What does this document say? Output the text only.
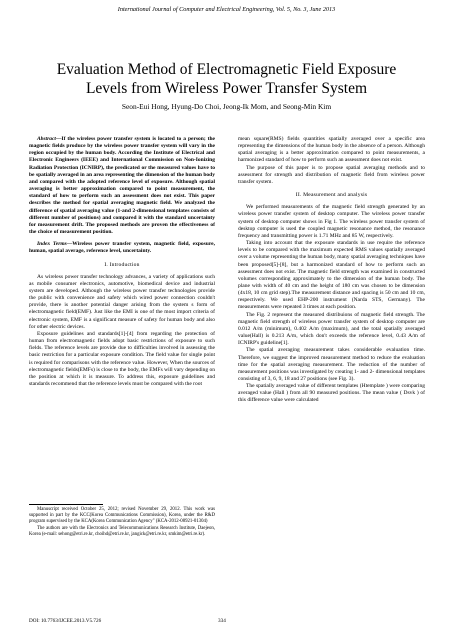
International Journal of Computer and Electrical Engineering, Vol. 5, No. 3, June 2013
Evaluation Method of Electromagnetic Field Exposure
Levels from Wireless Power Transfer System
Seon-Eui Hong, Hyung-Do Choi, Jeong-Ik Mom, and Seong-Min Kim

Abstract—If the wireless power transfer system is located to a person; the magnetic fields produce by the wireless power transfer system will vary in the region occupied by the human body. According the Institute of Electrical and Electronic Engineers (IEEE) and International Commission on Non-Ionizing Radiation Protection (ICNIRP), the predicated or the measured values have to be spatially averaged in an area representing the dimension of the human body and compared with the adopted reference level of exposure. Although spatial averaging is better approximation compared to point measurement, the standard of how to perform such an assessment does not exist. This paper describes the method for spatial averaging magnetic field. We analyzed the difference of spatial averaging value (1-and 2-dimensional templates consists of different number of positions) and compared it with the standard uncertainty for measurement drift. The proposed methods are proven the effectiveness of the choice of measurement position.

Index Terms—Wireless power transfer system, magnetic field, exposure, human, spatial average, reference level, uncertainty.

I. Introduction

As wireless power transfer technology advances, a variety of applications such as mobile consumer electronics, automotive, biomedical device and industrial system are developed. Although the wireless power transfer technologies provide the public with convenience and safety which wired power connection couldn't provide, there is another potential danger arising from the system s form of electromagnetic field(EMF). Just like the EMI is one of the most import criteria of electronic system, EMF is a significant measure of safety for human body and also for other electric devices.

Exposure guidelines and standards[1]-[4] from regarding the protection of human from electromagnetic fields adopt basic restrictions of exposure to such fields. The reference levels are provide due to difficulties involved in assessing the basic restriction for a particular exposure condition. The field value for single point is required for comparisons with the reference value. However, When the sources of electromagnetic fields(EMFs) is close to the body, the EMFs will vary depending on the position at which it is measure. To address this, exposure guidelines and standards recommend that the reference levels must be compared with the root

Manuscript received October 25, 2012; revised November 29, 2012. This work was supported in part by the KCC(Korea Communications Commission), Korea, under the R&D program supervised by the KCA(Korea Communication Agency" (KCA-2012-08921-01304)

The authors are with the Electronics and Telecommunications Research Institute, Daejeon, Korea (e-mail: sehong@etri.re.kr, choihd@etri.re.kr, jangick@etri.re.kr, smkim@etri.re.kr).

mean square(RMS) fields quantities spatially averaged over a specific area representing the dimensions of the human body in the absence of a person. Although spatial averaging is a better approximation compared to point measurements, a harmonized standard of how to perform such an assessment does not exist.

The purpose of this paper is to propose spatial averaging methods and to assessment for strength and distribution of magnetic field from wireless power transfer system.

II. Measurement and analysis

We performed measurements of the magnetic field strength generated by an wireless power transfer system of desktop computer. The wireless power transfer system of desktop computer shows in Fig 1. The wireless power transfer system of desktop computer is used the coupled magnetic resonance method, the resonance frequency and transmitting power is 1.71 MHz and 85 W, respectively.

Taking into account that the exposure standards in use require the reference levels to be compared with the maximum expected RMS values spatially averaged over a volume representing the human body, many spatial averaging techniques have been proposed[5]-[8], but a harmonized standard of how to perform such an assessment does not exist. The magnetic field strength was examined in constructed volumes corresponding approximately to the dimension of the human body. The plane with width of 40 cm and the height of 180 cm was chosen to be dimension (4x18, 10 cm grid step).The measurement distance and spacing is 50 cm and 10 cm, respectively. We used EHP-200 instrument (Narda STS, Germany). The measurements were repeated 3 times at each position.

The Fig. 2 represent the measured distribuions of magnetic field strength. The magnetic field strength of wireless power transfer system of desktop computer are 0.012 A/m (minimum), 0.402 A/m (maximum), and the total spatially averaged value(Hall) is 0.213 A/m, which don't exceeds the reference level, 0.43 A/m of ICNIRP's guideline[1].

The spatial averaging measurement takes considerable evaluation time. Therefore, we suggest the improved measurement method to reduce the evaluation time for the spatial averaging measurement. The reduction of the number of measurement positions was investigated by creating 1- and 2- dimensional templates consisting of 3, 6, 9, 18 and 27 positions (see Fig. 3).

The spatially averaged value of different templates (Htemplate ) were comparing averaged value (Hall ) from all 90 measured positions. The mean value ( Dsvk ) of this difference value were calculated

DOI: 10.7763/IJCEE.2013.V5.726	334
